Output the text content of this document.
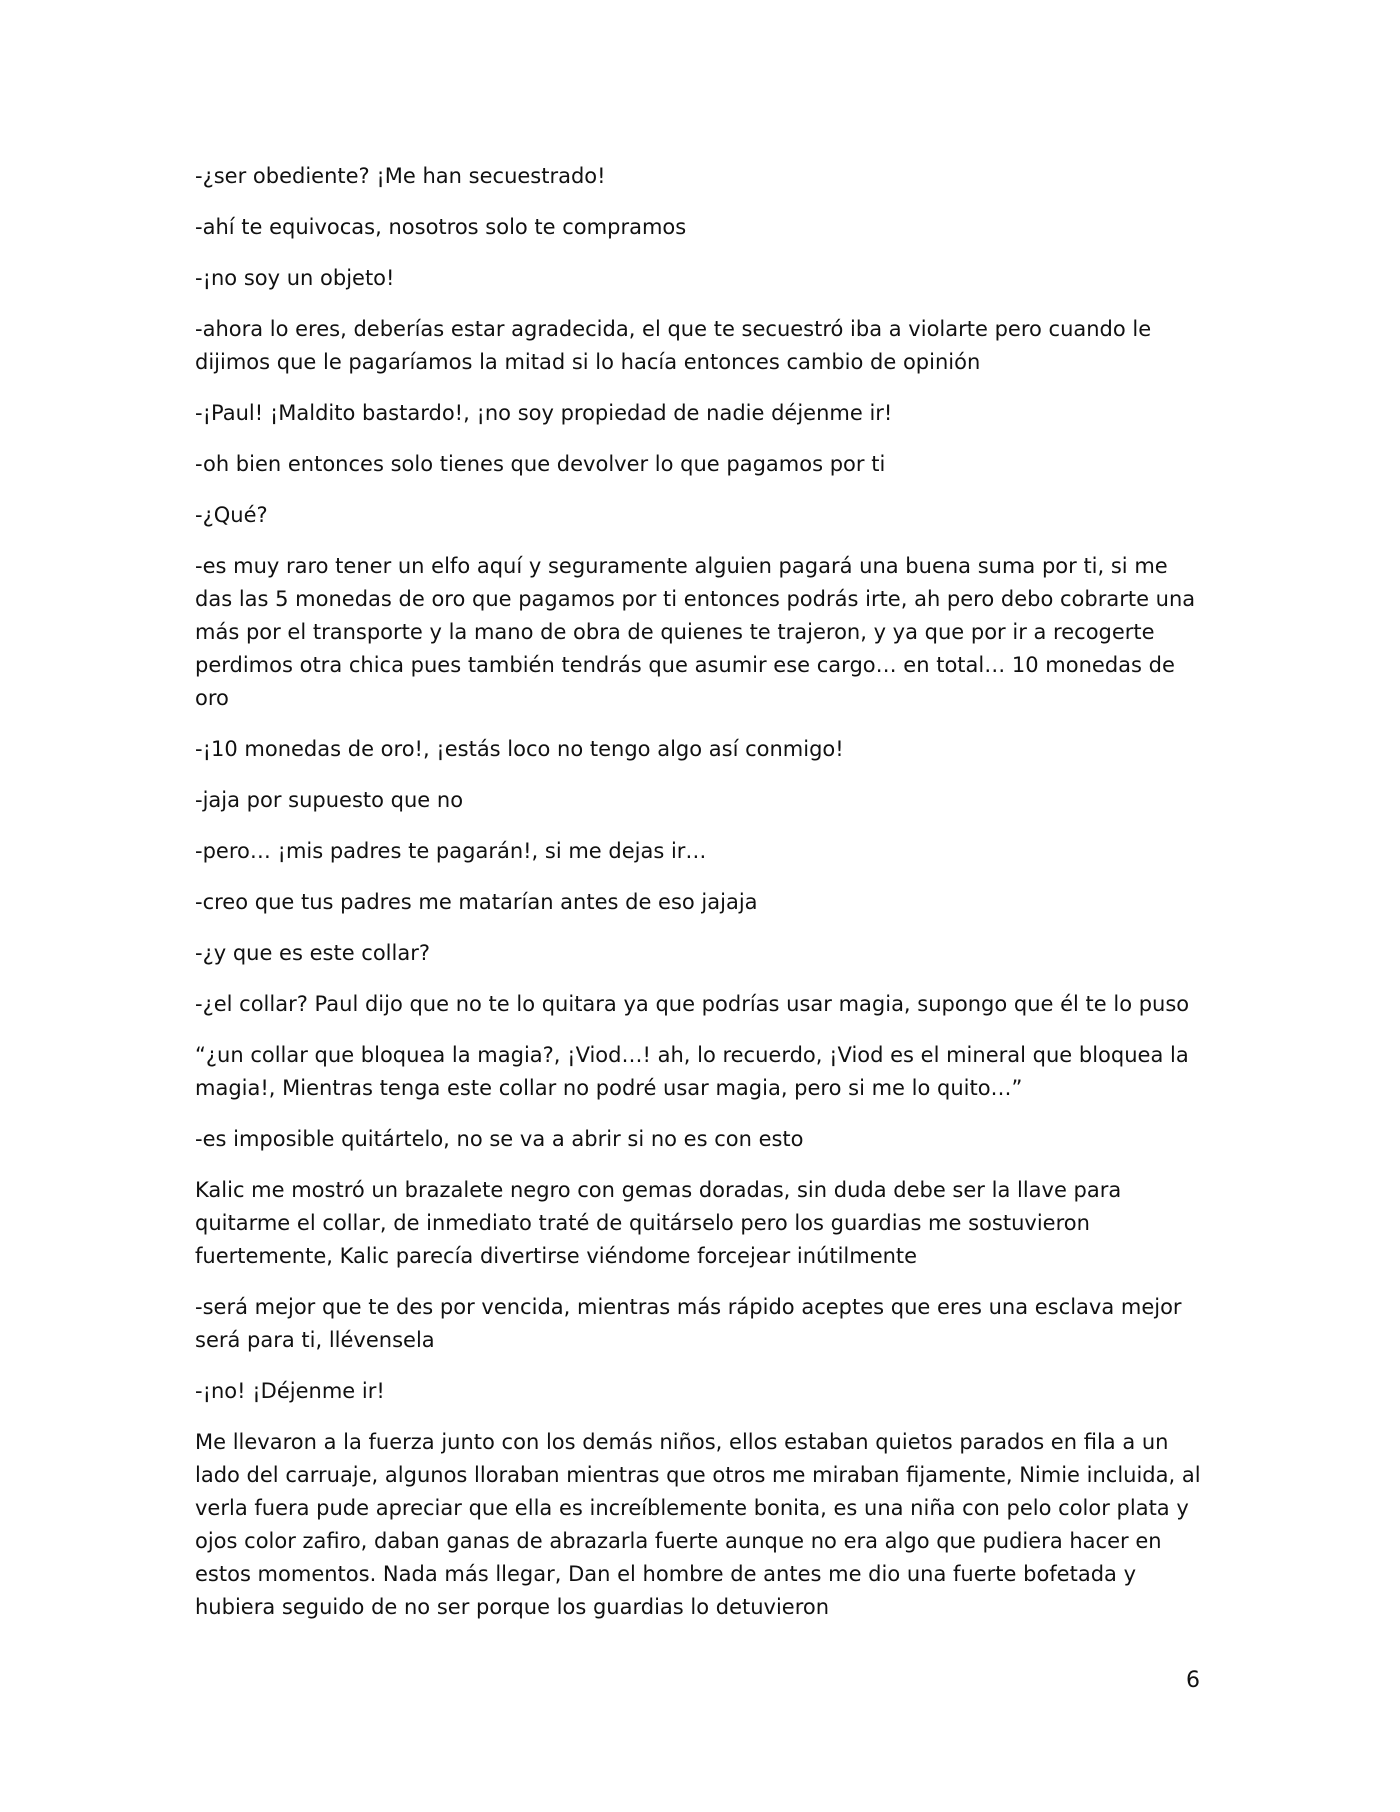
-¿ser obediente? ¡Me han secuestrado!

-ahí te equivocas, nosotros solo te compramos

-¡no soy un objeto!

-ahora lo eres, deberías estar agradecida, el que te secuestró iba a violarte pero cuando le dijimos que le pagaríamos la mitad si lo hacía entonces cambio de opinión

-¡Paul! ¡Maldito bastardo!, ¡no soy propiedad de nadie déjenme ir!

-oh bien entonces solo tienes que devolver lo que pagamos por ti

-¿Qué?

-es muy raro tener un elfo aquí y seguramente alguien pagará una buena suma por ti, si me das las 5 monedas de oro que pagamos por ti entonces podrás irte, ah pero debo cobrarte una más por el transporte y la mano de obra de quienes te trajeron, y ya que por ir a recogerte perdimos otra chica pues también tendrás que asumir ese cargo… en total… 10 monedas de oro

-¡10 monedas de oro!, ¡estás loco no tengo algo así conmigo!

-jaja por supuesto que no

-pero… ¡mis padres te pagarán!, si me dejas ir…

-creo que tus padres me matarían antes de eso jajaja

-¿y que es este collar?

-¿el collar? Paul dijo que no te lo quitara ya que podrías usar magia, supongo que él te lo puso

“¿un collar que bloquea la magia?, ¡Viod…! ah, lo recuerdo, ¡Viod es el mineral que bloquea la magia!, Mientras tenga este collar no podré usar magia, pero si me lo quito…”

-es imposible quitártelo, no se va a abrir si no es con esto

Kalic me mostró un brazalete negro con gemas doradas, sin duda debe ser la llave para quitarme el collar, de inmediato traté de quitárselo pero los guardias me sostuvieron fuertemente, Kalic parecía divertirse viéndome forcejear inútilmente

-será mejor que te des por vencida, mientras más rápido aceptes que eres una esclava mejor será para ti, llévensela

-¡no! ¡Déjenme ir!

Me llevaron a la fuerza junto con los demás niños, ellos estaban quietos parados en fila a un lado del carruaje, algunos lloraban mientras que otros me miraban fijamente, Nimie incluida, al verla fuera pude apreciar que ella es increíblemente bonita, es una niña con pelo color plata y ojos color zafiro, daban ganas de abrazarla fuerte aunque no era algo que pudiera hacer en estos momentos. Nada más llegar, Dan el hombre de antes me dio una fuerte bofetada y hubiera seguido de no ser porque los guardias lo detuvieron

6
